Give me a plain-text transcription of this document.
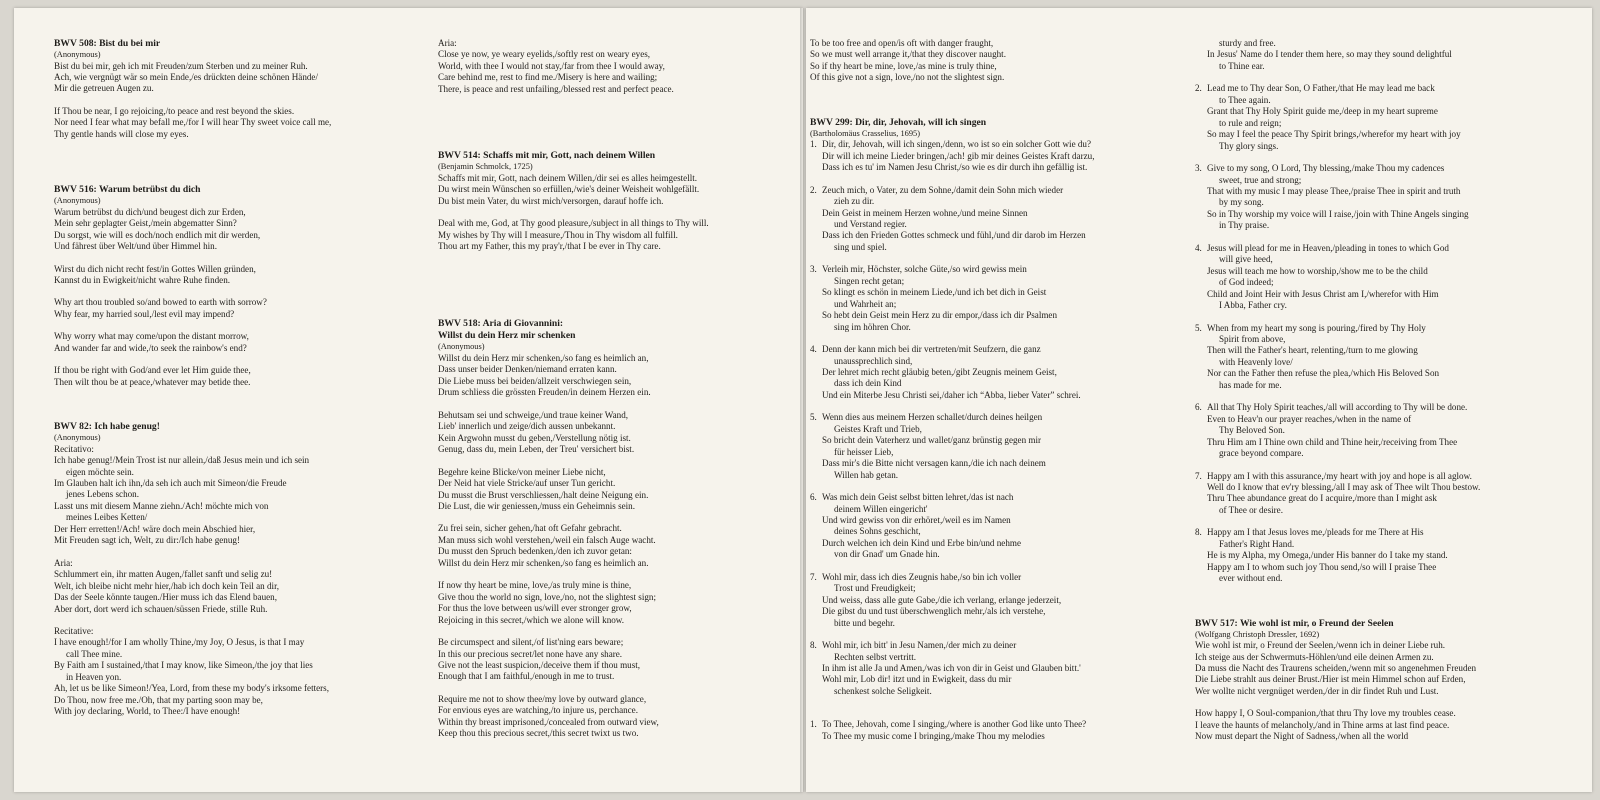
BWV 508: Bist du bei mir
(Anonymous)
Bist du bei mir, geh ich mit Freuden/zum Sterben und zu meiner Ruh.
Ach, wie vergnügt wär so mein Ende,/es drückten deine schönen Hände/
Mir die getreuen Augen zu.
If Thou be near, I go rejoicing,/to peace and rest beyond the skies.
Nor need I fear what may befall me,/for I will hear Thy sweet voice call me,
Thy gentle hands will close my eyes.
BWV 516: Warum betrübst du dich
(Anonymous)
Warum betrübst du dich/und beugest dich zur Erden,
Mein sehr geplagter Geist,/mein abgematter Sinn?
Du sorgst, wie will es doch/noch endlich mit dir werden,
Und fährest über Welt/und über Himmel hin.
Wirst du dich nicht recht fest/in Gottes Willen gründen,
Kannst du in Ewigkeit/nicht wahre Ruhe finden.
Why art thou troubled so/and bowed to earth with sorrow?
Why fear, my harried soul,/lest evil may impend?
Why worry what may come/upon the distant morrow,
And wander far and wide,/to seek the rainbow's end?
If thou be right with God/and ever let Him guide thee,
Then wilt thou be at peace,/whatever may betide thee.
BWV 82: Ich habe genug!
(Anonymous)
Recitativo:
Ich habe genug!/Mein Trost ist nur allein,/daß Jesus mein und ich sein
eigen möchte sein.
Im Glauben halt ich ihn,/da seh ich auch mit Simeon/die Freude
jenes Lebens schon.
Lasst uns mit diesem Manne ziehn./Ach! möchte mich von
meines Leibes Ketten/
Der Herr erretten!/Ach! wäre doch mein Abschied hier,
Mit Freuden sagt ich, Welt, zu dir:/Ich habe genug!
Aria:
Schlummert ein, ihr matten Augen,/fallet sanft und selig zu!
Welt, ich bleibe nicht mehr hier,/hab ich doch kein Teil an dir,
Das der Seele könnte taugen./Hier muss ich das Elend bauen,
Aber dort, dort werd ich schauen/süssen Friede, stille Ruh.
Recitative:
I have enough!/for I am wholly Thine,/my Joy, O Jesus, is that I may
call Thee mine.
By Faith am I sustained,/that I may know, like Simeon,/the joy that lies
in Heaven yon.
Ah, let us be like Simeon!/Yea, Lord, from these my body's irksome fetters,
Do Thou, now free me./Oh, that my parting soon may be,
With joy declaring, World, to Thee:/I have enough!
Aria:
Close ye now, ye weary eyelids,/softly rest on weary eyes,
World, with thee I would not stay,/far from thee I would away,
Care behind me, rest to find me./Misery is here and wailing;
There, is peace and rest unfailing,/blessed rest and perfect peace.
BWV 514: Schaffs mit mir, Gott, nach deinem Willen
(Benjamin Schmolck, 1725)
Schaffs mit mir, Gott, nach deinem Willen,/dir sei es alles heimgestellt.
Du wirst mein Wünschen so erfüllen,/wie's deiner Weisheit wohlgefällt.
Du bist mein Vater, du wirst mich/versorgen, darauf hoffe ich.
Deal with me, God, at Thy good pleasure,/subject in all things to Thy will.
My wishes by Thy will I measure,/Thou in Thy wisdom all fulfill.
Thou art my Father, this my pray'r,/that I be ever in Thy care.
BWV 518: Aria di Giovannini:
Willst du dein Herz mir schenken
(Anonymous)
Willst du dein Herz mir schenken,/so fang es heimlich an,
Dass unser beider Denken/niemand erraten kann.
Die Liebe muss bei beiden/allzeit verschwiegen sein,
Drum schliess die grössten Freuden/in deinem Herzen ein.
Behutsam sei und schweige,/und traue keiner Wand,
Lieb' innerlich und zeige/dich aussen unbekannt.
Kein Argwohn musst du geben,/Verstellung nötig ist.
Genug, dass du, mein Leben, der Treu' versichert bist.
Begehre keine Blicke/von meiner Liebe nicht,
Der Neid hat viele Stricke/auf unser Tun gericht.
Du musst die Brust verschliessen,/halt deine Neigung ein.
Die Lust, die wir geniessen,/muss ein Geheimnis sein.
Zu frei sein, sicher gehen,/hat oft Gefahr gebracht.
Man muss sich wohl verstehen,/weil ein falsch Auge wacht.
Du musst den Spruch bedenken,/den ich zuvor getan:
Willst du dein Herz mir schenken,/so fang es heimlich an.
If now thy heart be mine, love,/as truly mine is thine,
Give thou the world no sign, love,/no, not the slightest sign;
For thus the love between us/will ever stronger grow,
Rejoicing in this secret,/which we alone will know.
Be circumspect and silent,/of list'ning ears beware;
In this our precious secret/let none have any share.
Give not the least suspicion,/deceive them if thou must,
Enough that I am faithful,/enough in me to trust.
Require me not to show thee/my love by outward glance,
For envious eyes are watching,/to injure us, perchance.
Within thy breast imprisoned,/concealed from outward view,
Keep thou this precious secret,/this secret twixt us two.
To be too free and open/is oft with danger fraught,
So we must well arrange it,/that they discover naught.
So if thy heart be mine, love,/as mine is truly thine,
Of this give not a sign, love,/no not the slightest sign.
BWV 299: Dir, dir, Jehovah, will ich singen
(Bartholomäus Crasselius, 1695)
1. Dir, dir, Jehovah, will ich singen,/denn, wo ist so ein solcher Gott wie du?
Dir will ich meine Lieder bringen,/ach! gib mir deines Geistes Kraft darzu,
Dass ich es tu' im Namen Jesu Christ,/so wie es dir durch ihn gefällig ist.
2. Zeuch mich, o Vater, zu dem Sohne,/damit dein Sohn mich wieder
zieh zu dir.
Dein Geist in meinem Herzen wohne,/und meine Sinnen
und Verstand regier.
Dass ich den Frieden Gottes schmeck und fühl,/und dir darob im Herzen
sing und spiel.
3. Verleih mir, Höchster, solche Güte,/so wird gewiss mein
Singen recht getan;
So klingt es schön in meinem Liede,/und ich bet dich in Geist
und Wahrheit an;
So hebt dein Geist mein Herz zu dir empor,/dass ich dir Psalmen
sing im höhren Chor.
4. Denn der kann mich bei dir vertreten/mit Seufzern, die ganz
unaussprechlich sind,
Der lehret mich recht gläubig beten,/gibt Zeugnis meinem Geist,
dass ich dein Kind
Und ein Miterbe Jesu Christi sei,/daher ich “Abba, lieber Vater” schrei.
5. Wenn dies aus meinem Herzen schallet/durch deines heilgen
Geistes Kraft und Trieb,
So bricht dein Vaterherz und wallet/ganz brünstig gegen mir
für heisser Lieb,
Dass mir's die Bitte nicht versagen kann,/die ich nach deinem
Willen hab getan.
6. Was mich dein Geist selbst bitten lehret,/das ist nach
deinem Willen eingericht'
Und wird gewiss von dir erhöret,/weil es im Namen
deines Sohns geschicht,
Durch welchen ich dein Kind und Erbe bin/und nehme
von dir Gnad' um Gnade hin.
7. Wohl mir, dass ich dies Zeugnis habe,/so bin ich voller
Trost und Freudigkeit;
Und weiss, dass alle gute Gabe,/die ich verlang, erlange jederzeit,
Die gibst du und tust überschwenglich mehr,/als ich verstehe,
bitte und begehr.
8. Wohl mir, ich bitt' in Jesu Namen,/der mich zu deiner
Rechten selbst vertritt.
In ihm ist alle Ja und Amen,/was ich von dir in Geist und Glauben bitt.'
Wohl mir, Lob dir! itzt und in Ewigkeit, dass du mir
schenkest solche Seligkeit.
1. To Thee, Jehovah, come I singing,/where is another God like unto Thee?
To Thee my music come I bringing,/make Thou my melodies
sturdy and free.
In Jesus' Name do I tender them here, so may they sound delightful
to Thine ear.
2. Lead me to Thy dear Son, O Father,/that He may lead me back
to Thee again.
Grant that Thy Holy Spirit guide me,/deep in my heart supreme
to rule and reign;
So may I feel the peace Thy Spirit brings,/wherefor my heart with joy
Thy glory sings.
3. Give to my song, O Lord, Thy blessing,/make Thou my cadences
sweet, true and strong;
That with my music I may please Thee,/praise Thee in spirit and truth
by my song.
So in Thy worship my voice will I raise,/join with Thine Angels singing
in Thy praise.
4. Jesus will plead for me in Heaven,/pleading in tones to which God
will give heed,
Jesus will teach me how to worship,/show me to be the child
of God indeed;
Child and Joint Heir with Jesus Christ am I,/wherefor with Him
I Abba, Father cry.
5. When from my heart my song is pouring,/fired by Thy Holy
Spirit from above,
Then will the Father's heart, relenting,/turn to me glowing
with Heavenly love/
Nor can the Father then refuse the plea,/which His Beloved Son
has made for me.
6. All that Thy Holy Spirit teaches,/all will according to Thy will be done.
Even to Heav'n our prayer reaches,/when in the name of
Thy Beloved Son.
Thru Him am I Thine own child and Thine heir,/receiving from Thee
grace beyond compare.
7. Happy am I with this assurance,/my heart with joy and hope is all aglow.
Well do I know that ev'ry blessing,/all I may ask of Thee wilt Thou bestow.
Thru Thee abundance great do I acquire,/more than I might ask
of Thee or desire.
8. Happy am I that Jesus loves me,/pleads for me There at His
Father's Right Hand.
He is my Alpha, my Omega,/under His banner do I take my stand.
Happy am I to whom such joy Thou send,/so will I praise Thee
ever without end.
BWV 517: Wie wohl ist mir, o Freund der Seelen
(Wolfgang Christoph Dressler, 1692)
Wie wohl ist mir, o Freund der Seelen,/wenn ich in deiner Liebe ruh.
Ich steige aus der Schwermuts-Höhlen/und eile deinen Armen zu.
Da muss die Nacht des Traurens scheiden,/wenn mit so angenehmen Freuden
Die Liebe strahlt aus deiner Brust./Hier ist mein Himmel schon auf Erden,
Wer wollte nicht vergnüget werden,/der in dir findet Ruh und Lust.
How happy I, O Soul-companion,/that thru Thy love my troubles cease.
I leave the haunts of melancholy,/and in Thine arms at last find peace.
Now must depart the Night of Sadness,/when all the world
